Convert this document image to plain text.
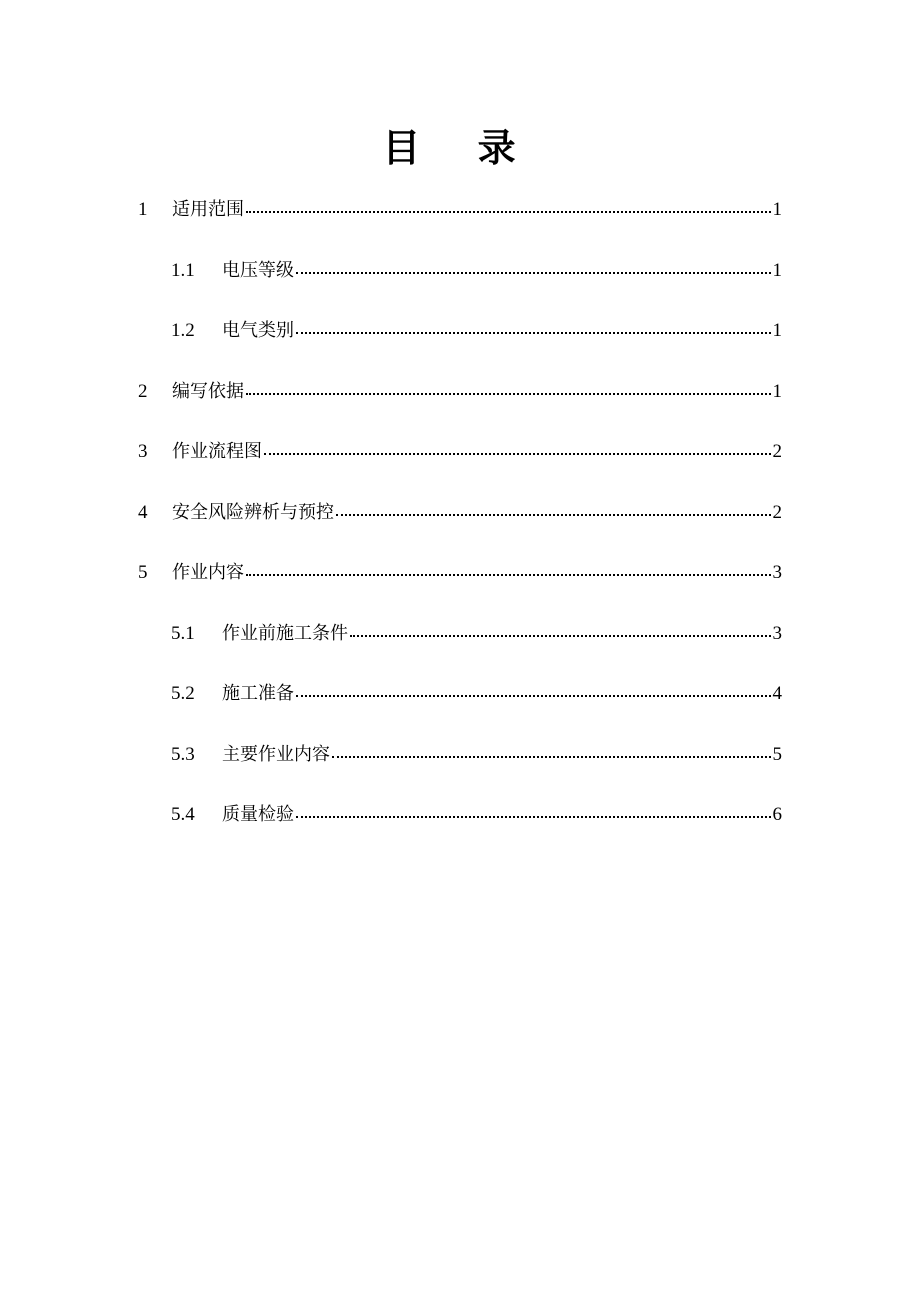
目 录
1	适用范围	1
1.1	电压等级	1
1.2	电气类别	1
2	编写依据	1
3	作业流程图	2
4	安全风险辨析与预控	2
5	作业内容	3
5.1	作业前施工条件	3
5.2	施工准备	4
5.3	主要作业内容	5
5.4	质量检验	6
